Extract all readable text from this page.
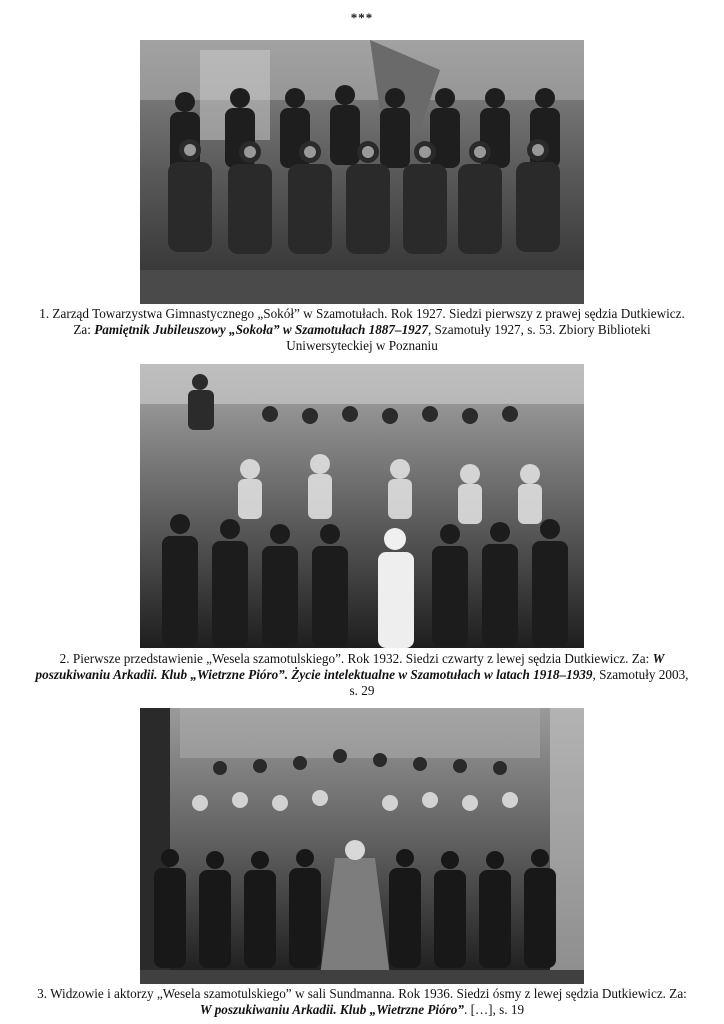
***
1. Zarząd Towarzystwa Gimnastycznego „Sokół” w Szamotułach. Rok 1927. Siedzi pierwszy z prawej sędzia Dutkiewicz. Za: Pamiętnik Jubileuszowy „Sokoła” w Szamotułach 1887–1927, Szamotuły 1927, s. 53. Zbiory Biblioteki Uniwersyteckiej w Poznaniu
2. Pierwsze przedstawienie „Wesela szamotulskiego”. Rok 1932. Siedzi czwarty z lewej sędzia Dutkiewicz. Za: W poszukiwaniu Arkadii. Klub „Wietrzne Pióro”. Życie intelektualne w Szamotułach w latach 1918–1939, Szamotuły 2003, s. 29
3. Widzowie i aktorzy „Wesela szamotulskiego” w sali Sundmanna. Rok 1936. Siedzi ósmy z lewej sędzia Dutkiewicz. Za: W poszukiwaniu Arkadii. Klub „Wietrzne Pióro”. […], s. 19
